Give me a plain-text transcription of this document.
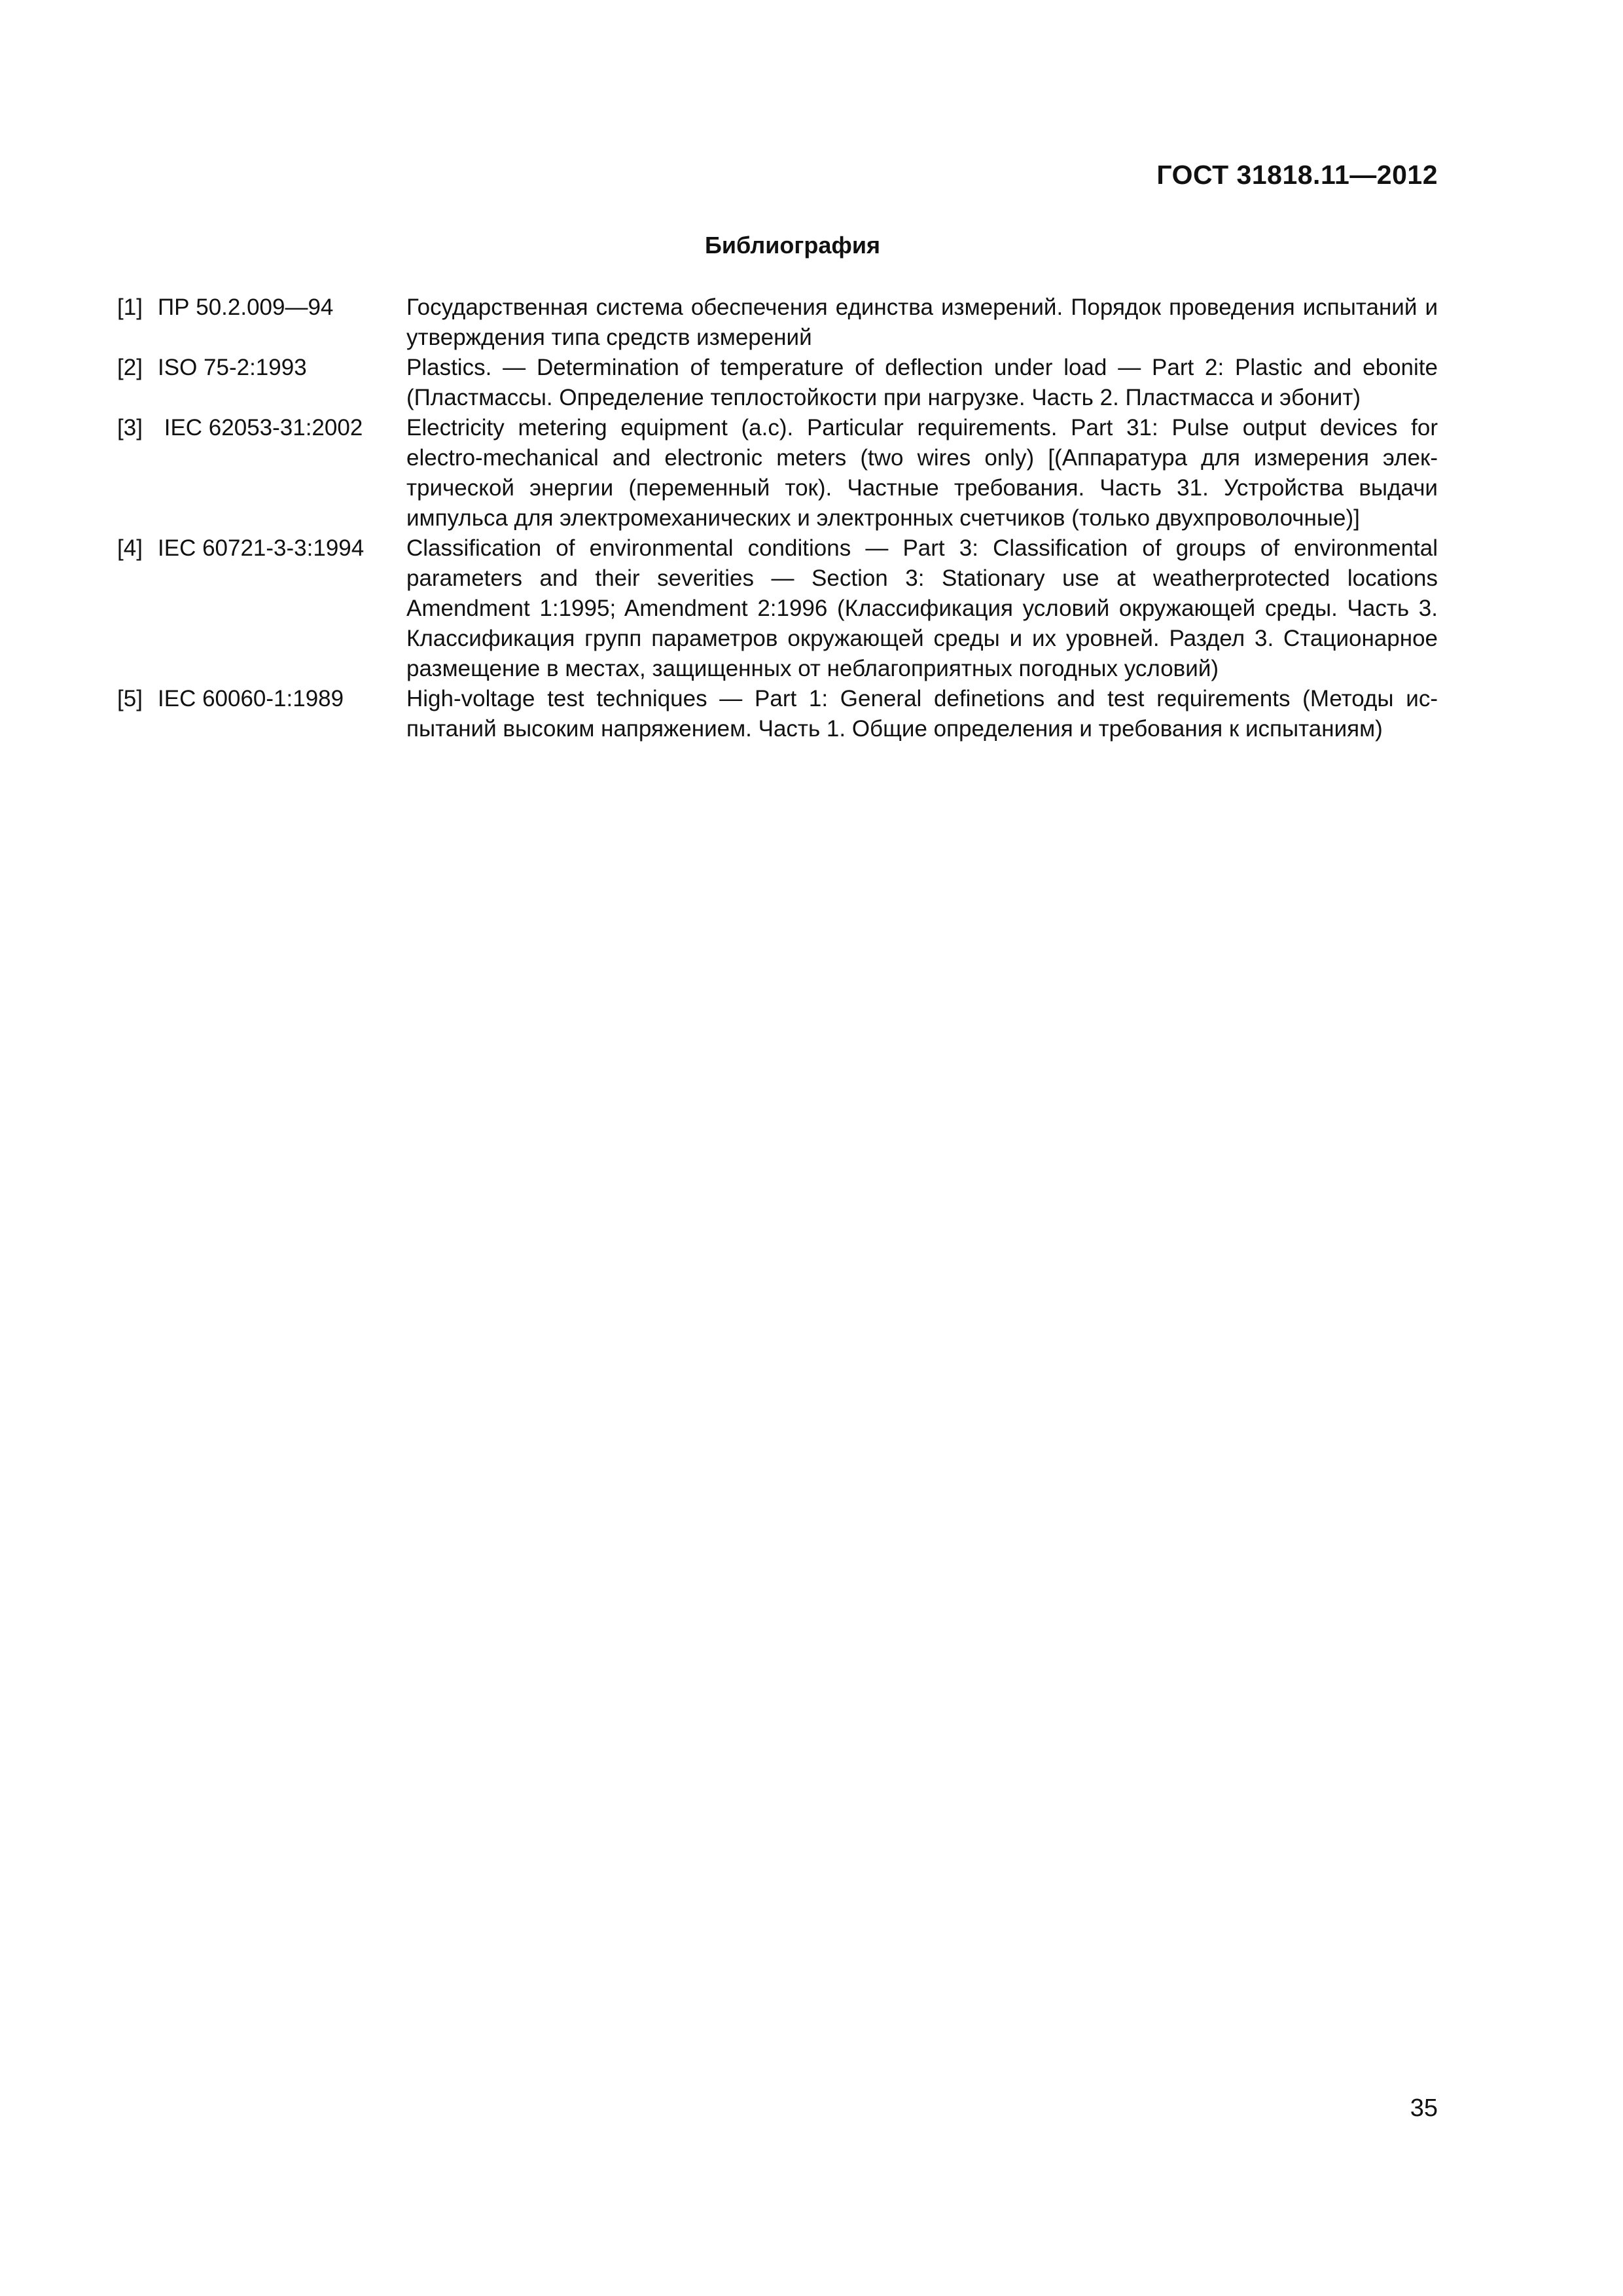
ГОСТ 31818.11—2012
Библиография
[1] ПР 50.2.009—94	Государственная система обеспечения единства измерений. Порядок проведения испытаний и утверждения типа средств измерений
[2] ISO 75-2:1993	Plastics. — Determination of temperature of deflection under load — Part 2: Plastic and ebonite (Пластмассы. Определение теплостойкости при нагрузке. Часть 2. Пластмасса и эбонит)
[3] IEC 62053-31:2002	Electricity metering equipment (a.c). Particular requirements. Part 31: Pulse output devices for electro-mechanical and electronic meters (two wires only) [(Аппаратура для измерения электрической энергии (переменный ток). Частные требования. Часть 31. Устройства выдачи импульса для электромеханических и электронных счетчиков (только двухпроволочные)]
[4] IEC 60721-3-3:1994	Classification of environmental conditions — Part 3: Classification of groups of environmental parameters and their severities — Section 3: Stationary use at weatherprotected locations Amendment 1:1995; Amendment 2:1996 (Классификация условий окружающей среды. Часть 3. Классификация групп параметров окружающей среды и их уровней. Раздел 3. Стационарное размещение в местах, защищенных от неблагоприятных погодных условий)
[5] IEC 60060-1:1989	High-voltage test techniques — Part 1: General definetions and test requirements (Методы испытаний высоким напряжением. Часть 1. Общие определения и требования к испытаниям)
35
